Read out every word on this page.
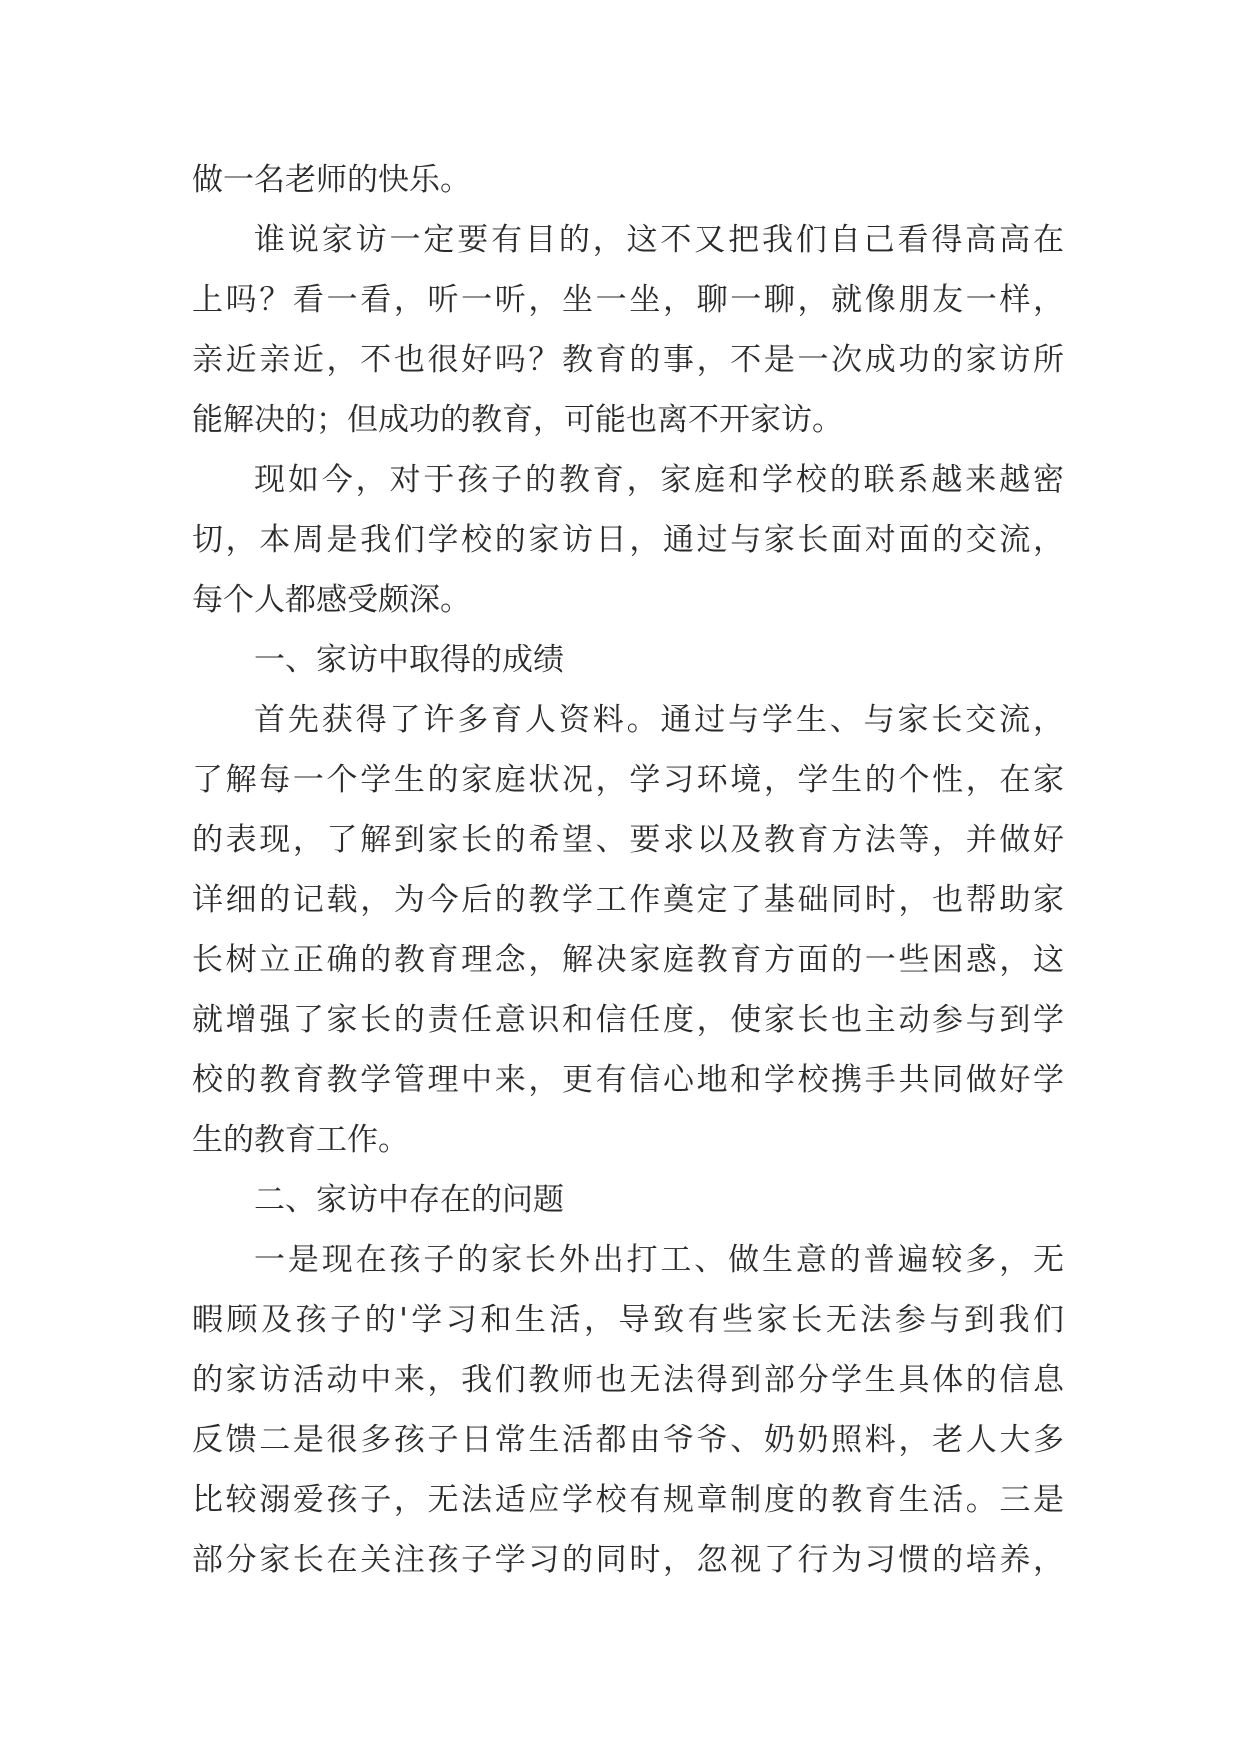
做一名老师的快乐。
谁说家访一定要有目的，这不又把我们自己看得高高在
上吗？看一看，听一听，坐一坐，聊一聊，就像朋友一样，
亲近亲近，不也很好吗？教育的事，不是一次成功的家访所
能解决的；但成功的教育，可能也离不开家访。
现如今，对于孩子的教育，家庭和学校的联系越来越密
切，本周是我们学校的家访日，通过与家长面对面的交流，
每个人都感受颇深。
一、家访中取得的成绩
首先获得了许多育人资料。通过与学生、与家长交流，
了解每一个学生的家庭状况，学习环境，学生的个性，在家
的表现，了解到家长的希望、要求以及教育方法等，并做好
详细的记载，为今后的教学工作奠定了基础同时，也帮助家
长树立正确的教育理念，解决家庭教育方面的一些困惑，这
就增强了家长的责任意识和信任度，使家长也主动参与到学
校的教育教学管理中来，更有信心地和学校携手共同做好学
生的教育工作。
二、家访中存在的问题
一是现在孩子的家长外出打工、做生意的普遍较多，无
暇顾及孩子的'学习和生活，导致有些家长无法参与到我们
的家访活动中来，我们教师也无法得到部分学生具体的信息
反馈二是很多孩子日常生活都由爷爷、奶奶照料，老人大多
比较溺爱孩子，无法适应学校有规章制度的教育生活。三是
部分家长在关注孩子学习的同时，忽视了行为习惯的培养，
